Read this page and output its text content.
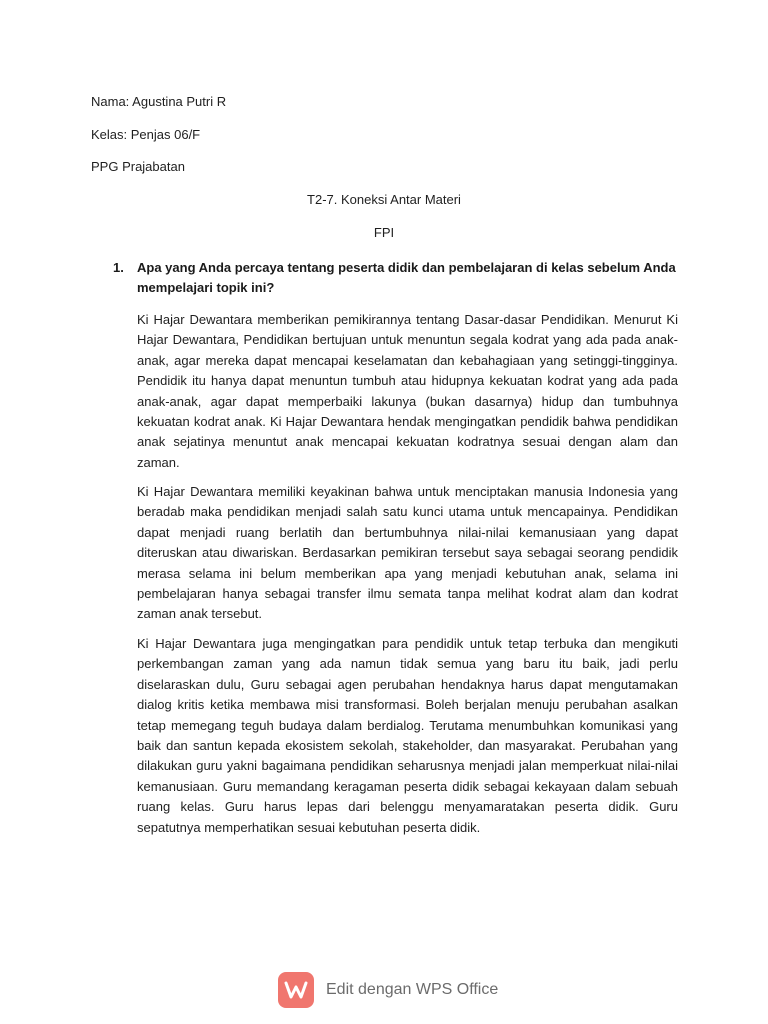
Nama: Agustina Putri R
Kelas: Penjas 06/F
PPG Prajabatan
T2-7. Koneksi Antar Materi
FPI
1. Apa yang Anda percaya tentang peserta didik dan pembelajaran di kelas sebelum Anda mempelajari topik ini?

Ki Hajar Dewantara memberikan pemikirannya tentang Dasar-dasar Pendidikan. Menurut Ki Hajar Dewantara, Pendidikan bertujuan untuk menuntun segala kodrat yang ada pada anak-anak, agar mereka dapat mencapai keselamatan dan kebahagiaan yang setinggi-tingginya. Pendidik itu hanya dapat menuntun tumbuh atau hidupnya kekuatan kodrat yang ada pada anak-anak, agar dapat memperbaiki lakunya (bukan dasarnya) hidup dan tumbuhnya kekuatan kodrat anak. Ki Hajar Dewantara hendak mengingatkan pendidik bahwa pendidikan anak sejatinya menuntut anak mencapai kekuatan kodratnya sesuai dengan alam dan zaman.

Ki Hajar Dewantara memiliki keyakinan bahwa untuk menciptakan manusia Indonesia yang beradab maka pendidikan menjadi salah satu kunci utama untuk mencapainya. Pendidikan dapat menjadi ruang berlatih dan bertumbuhnya nilai-nilai kemanusiaan yang dapat diteruskan atau diwariskan. Berdasarkan pemikiran tersebut saya sebagai seorang pendidik merasa selama ini belum memberikan apa yang menjadi kebutuhan anak, selama ini pembelajaran hanya sebagai transfer ilmu semata tanpa melihat kodrat alam dan kodrat zaman anak tersebut.

Ki Hajar Dewantara juga mengingatkan para pendidik untuk tetap terbuka dan mengikuti perkembangan zaman yang ada namun tidak semua yang baru itu baik, jadi perlu diselaraskan dulu, Guru sebagai agen perubahan hendaknya harus dapat mengutamakan dialog kritis ketika membawa misi transformasi. Boleh berjalan menuju perubahan asalkan tetap memegang teguh budaya dalam berdialog. Terutama menumbuhkan komunikasi yang baik dan santun kepada ekosistem sekolah, stakeholder, dan masyarakat. Perubahan yang dilakukan guru yakni bagaimana pendidikan seharusnya menjadi jalan memperkuat nilai-nilai kemanusiaan. Guru memandang keragaman peserta didik sebagai kekayaan dalam sebuah ruang kelas. Guru harus lepas dari belenggu menyamaratakan peserta didik. Guru sepatutnya memperhatikan sesuai kebutuhan peserta didik.

Edit dengan WPS Office
